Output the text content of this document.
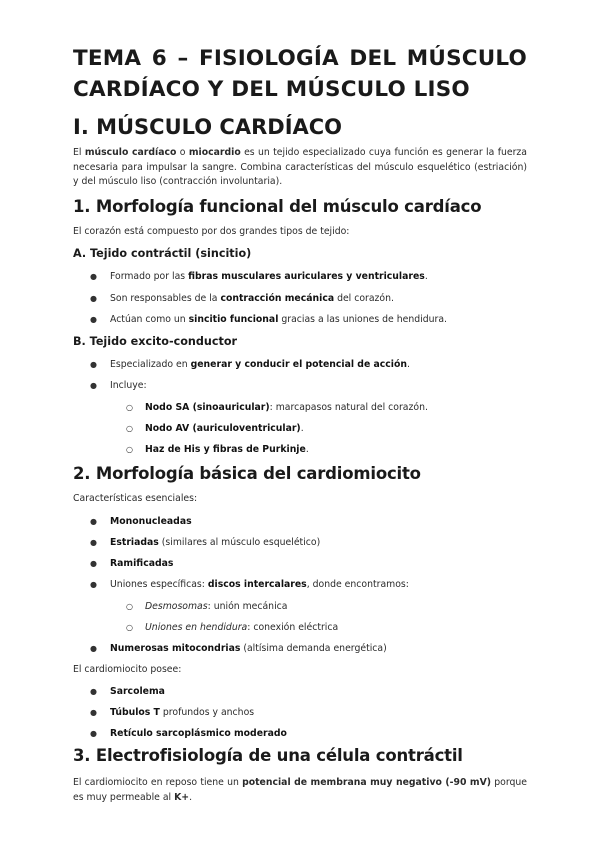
TEMA 6 – FISIOLOGÍA DEL MÚSCULO CARDÍACO Y DEL MÚSCULO LISO
I. MÚSCULO CARDÍACO

El músculo cardíaco o miocardio es un tejido especializado cuya función es generar la fuerza necesaria para impulsar la sangre. Combina características del músculo esquelético (estriación) y del músculo liso (contracción involuntaria).

1. Morfología funcional del músculo cardíaco

El corazón está compuesto por dos grandes tipos de tejido:

A. Tejido contráctil (sincitio)

● Formado por las fibras musculares auriculares y ventriculares.

● Son responsables de la contracción mecánica del corazón.

● Actúan como un sincitio funcional gracias a las uniones de hendidura.

B. Tejido excito-conductor

● Especializado en generar y conducir el potencial de acción.

● Incluye:

○ Nodo SA (sinoauricular): marcapasos natural del corazón.

○ Nodo AV (auriculoventricular).

○ Haz de His y fibras de Purkinje.

2. Morfología básica del cardiomiocito

Características esenciales:

● Mononucleadas

● Estriadas (similares al músculo esquelético)

● Ramificadas

● Uniones específicas: discos intercalares, donde encontramos:

○ Desmosomas: unión mecánica

○ Uniones en hendidura: conexión eléctrica

● Numerosas mitocondrias (altísima demanda energética)

El cardiomiocito posee:

● Sarcolema

● Túbulos T profundos y anchos

● Retículo sarcoplásmico moderado

3. Electrofisiología de una célula contráctil

El cardiomiocito en reposo tiene un potencial de membrana muy negativo (-90 mV) porque es muy permeable al K+.
